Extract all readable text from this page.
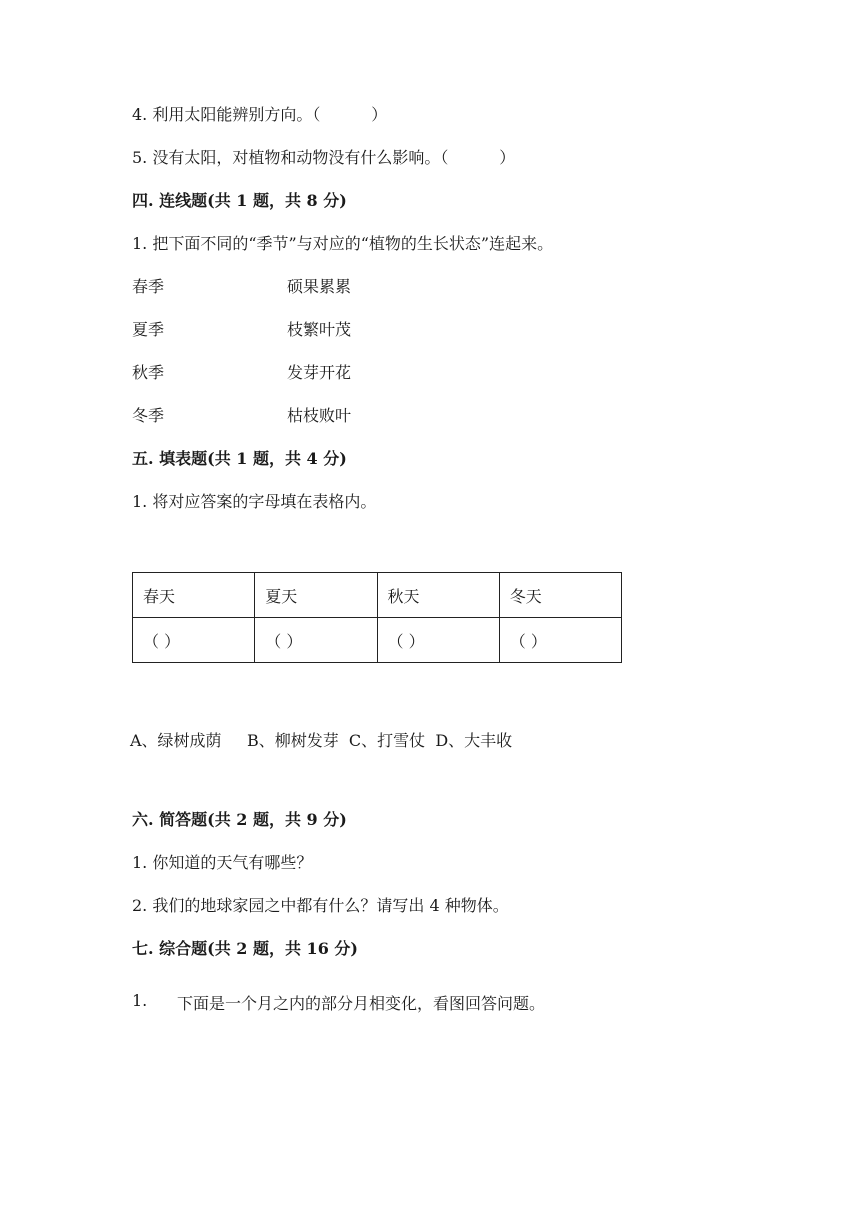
4. 利用太阳能辨别方向。（          ）
5. 没有太阳，对植物和动物没有什么影响。（          ）
四. 连线题(共 1 题，共 8 分)
1. 把下面不同的“季节”与对应的“植物的生长状态”连起来。
春季	硕果累累
夏季	枝繁叶茂
秋季	发芽开花
冬季	枯枝败叶
五. 填表题(共 1 题，共 4 分)
1. 将对应答案的字母填在表格内。
春天	夏天	秋天	冬天
（ ）	（ ）	（ ）	（ ）
A、绿树成荫     B、柳树发芽  C、打雪仗  D、大丰收
六. 简答题(共 2 题，共 9 分)
1. 你知道的天气有哪些？
2. 我们的地球家园之中都有什么？请写出 4 种物体。
七. 综合题(共 2 题，共 16 分)
1. 下面是一个月之内的部分月相变化，看图回答问题。
